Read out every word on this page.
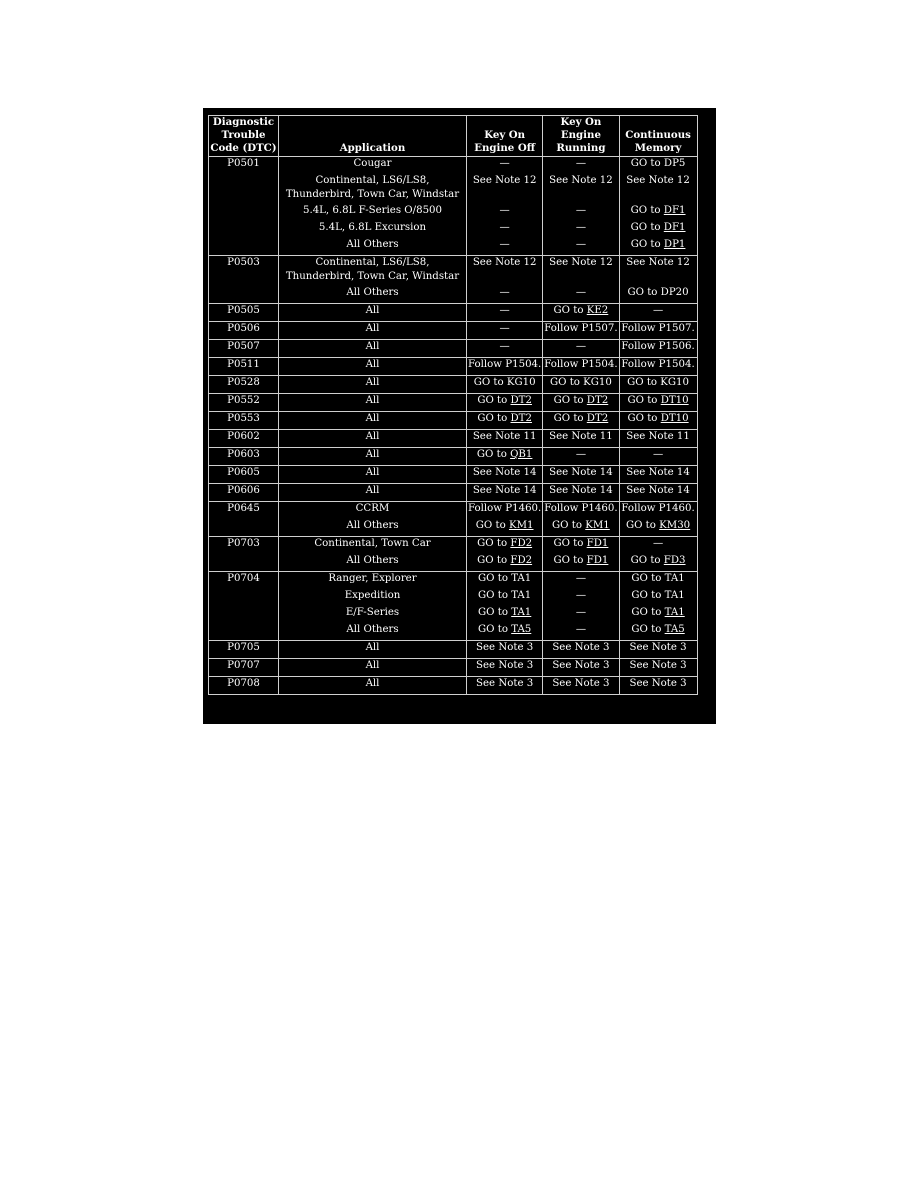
Diagnostic Trouble Code (DTC)	Application	Key On Engine Off	Key On Engine Running	Continuous Memory
P0501	Cougar	—	—	GO to DP5
	Continental, LS6/LS8, Thunderbird, Town Car, Windstar	See Note 12	See Note 12	See Note 12
	5.4L, 6.8L F-Series O/8500	—	—	GO to DF1
	5.4L, 6.8L Excursion	—	—	GO to DF1
	All Others	—	—	GO to DP1
P0503	Continental, LS6/LS8, Thunderbird, Town Car, Windstar	See Note 12	See Note 12	See Note 12
	All Others	—	—	GO to DP20
P0505	All	—	GO to KE2	—
P0506	All	—	Follow P1507.	Follow P1507.
P0507	All	—	—	Follow P1506.
P0511	All	Follow P1504.	Follow P1504.	Follow P1504.
P0528	All	GO to KG10	GO to KG10	GO to KG10
P0552	All	GO to DT2	GO to DT2	GO to DT10
P0553	All	GO to DT2	GO to DT2	GO to DT10
P0602	All	See Note 11	See Note 11	See Note 11
P0603	All	GO to QB1	—	—
P0605	All	See Note 14	See Note 14	See Note 14
P0606	All	See Note 14	See Note 14	See Note 14
P0645	CCRM	Follow P1460.	Follow P1460.	Follow P1460.
	All Others	GO to KM1	GO to KM1	GO to KM30
P0703	Continental, Town Car	GO to FD2	GO to FD1	—
	All Others	GO to FD2	GO to FD1	GO to FD3
P0704	Ranger, Explorer	GO to TA1	—	GO to TA1
	Expedition	GO to TA1	—	GO to TA1
	E/F-Series	GO to TA1	—	GO to TA1
	All Others	GO to TA5	—	GO to TA5
P0705	All	See Note 3	See Note 3	See Note 3
P0707	All	See Note 3	See Note 3	See Note 3
P0708	All	See Note 3	See Note 3	See Note 3
